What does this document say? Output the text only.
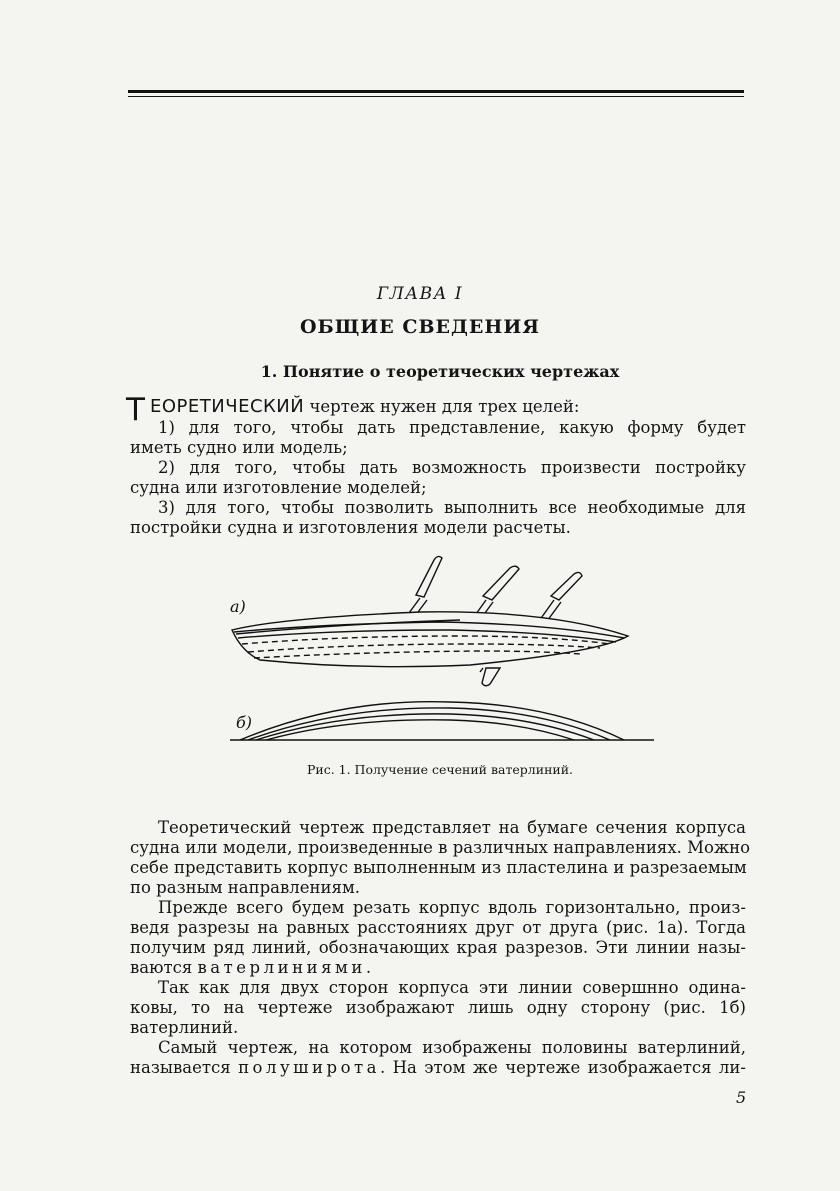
ГЛАВА I
ОБЩИЕ СВЕДЕНИЯ
1. Понятие о теоретических чертежах
Т ЕОРЕТИЧЕСКИЙ чертеж нужен для трех целей:
1) для того, чтобы дать представление, какую форму будет
иметь судно или модель;
2) для того, чтобы дать возможность произвести постройку
судна или изготовление моделей;
3) для того, чтобы позволить выполнить все необходимые для
постройки судна и изготовления модели расчеты.
а)
б)
Рис. 1. Получение сечений ватерлиний.
Теоретический чертеж представляет на бумаге сечения корпуса
судна или модели, произведенные в различных направлениях. Можно
себе представить корпус выполненным из пластелина и разрезаемым
по разным направлениям.
Прежде всего будем резать корпус вдоль горизонтально, произ-
ведя разрезы на равных расстояниях друг от друга (рис. 1а). Тогда
получим ряд линий, обозначающих края разрезов. Эти линии назы-
ваются ватерлиниями.
Так как для двух сторон корпуса эти линии совершнно одина-
ковы, то на чертеже изображают лишь одну сторону (рис. 1б)
ватерлиний.
Самый чертеж, на котором изображены половины ватерлиний,
называется полуширота. На этом же чертеже изображается ли-
5
